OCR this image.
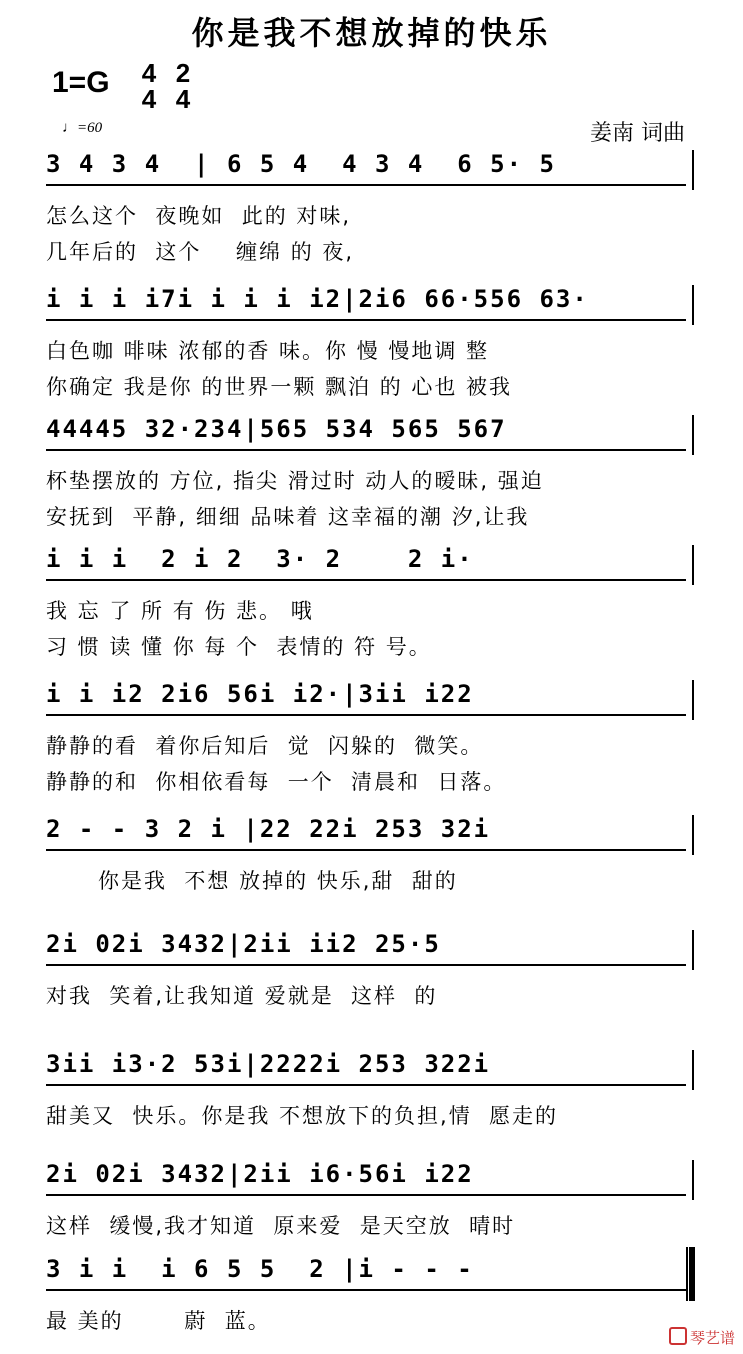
你是我不想放掉的快乐
1=G 4
4
2
4
♩=60	姜南 词曲
3 4 3 4  | 6 5 4  4 3 4  6 5· 5
怎么这个  夜晚如  此的 对味,
几年后的  这个    缠绵 的 夜,
i i i i7i i i i i2|2i6 66·556 63·
白色咖 啡味 浓郁的香 味。你 慢 慢地调 整
你确定 我是你 的世界一颗 飘泊 的 心也 被我
44445 32·234|565 534 565 567
杯垫摆放的 方位, 指尖 滑过时 动人的暧昧, 强迫
安抚到  平静, 细细 品味着 这幸福的潮 汐,让我
i i i  2 i 2  3· 2    2 i·
我 忘 了 所 有 伤 悲。 哦
习 惯 读 懂 你 每 个  表情的 符 号。
i i i2 2i6 56i i2·|3ii i22
静静的看  着你后知后  觉  闪躲的  微笑。
静静的和  你相依看每  一个  清晨和  日落。
2 - - 3 2 i |22 22i 253 32i
你是我  不想 放掉的 快乐,甜  甜的
2i 02i 3432|2ii ii2 25·5
对我  笑着,让我知道 爱就是  这样  的
3ii i3·2 53i|2222i 253 322i
甜美又  快乐。你是我 不想放下的负担,情  愿走的
2i 02i 3432|2ii i6·56i i22
这样  缓慢,我才知道  原来爱  是天空放  晴时
3 i i  i 6 5 5  2 |i - - -
最 美的       蔚  蓝。
琴艺谱
